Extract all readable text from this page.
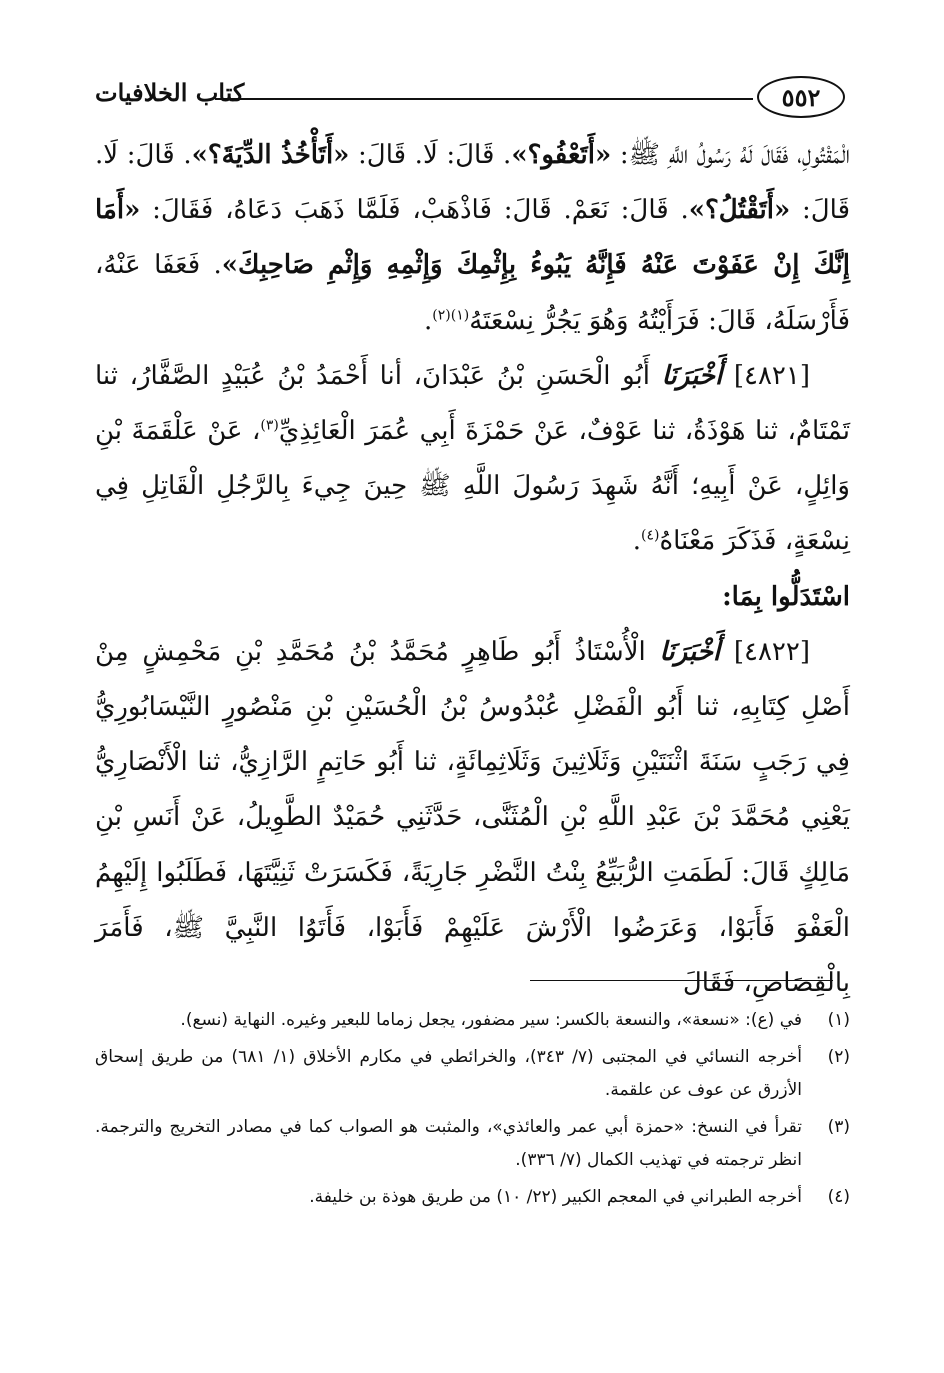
٥٥٢
كتاب الخلافيات

الْمَقْتُولِ، فَقَالَ لَهُ رَسُولُ اللَّهِ ﷺ: «أَتَعْفُو؟». قَالَ: لَا. قَالَ: «أَتَأْخُذُ الدِّيَةَ؟». قَالَ: لَا. قَالَ: «أَتَقْتُلُ؟». قَالَ: نَعَمْ. قَالَ: فَاذْهَبْ، فَلَمَّا ذَهَبَ دَعَاهُ، فَقَالَ: «أَمَا إِنَّكَ إِنْ عَفَوْتَ عَنْهُ فَإِنَّهُ يَبُوءُ بِإِثْمِكَ وَإِثْمِهِ وَإِثْمِ صَاحِبِكَ». فَعَفَا عَنْهُ، فَأَرْسَلَهُ، قَالَ: فَرَأَيْتُهُ وَهُوَ يَجُرُّ نِسْعَتَهُ$^{(١)(٢)}$.

[٤٨٢١] أَخْبَرَنَا أَبُو الْحَسَنِ بْنُ عَبْدَانَ، أنا أَحْمَدُ بْنُ عُبَيْدٍ الصَّفَّارُ، ثنا تَمْتَامٌ، ثنا هَوْذَةُ، ثنا عَوْفٌ، عَنْ حَمْزَةَ أَبِي عُمَرَ الْعَائِذِيِّ$^{(٣)}$، عَنْ عَلْقَمَةَ بْنِ وَائِلٍ، عَنْ أَبِيهِ؛ أَنَّهُ شَهِدَ رَسُولَ اللَّهِ ﷺ حِينَ جِيءَ بِالرَّجُلِ الْقَاتِلِ فِي نِسْعَةٍ، فَذَكَرَ مَعْنَاهُ$^{(٤)}$.

اسْتَدَلُّوا بِمَا:

[٤٨٢٢] أَخْبَرَنَا الْأُسْتَاذُ أَبُو طَاهِرٍ مُحَمَّدُ بْنُ مُحَمَّدِ بْنِ مَحْمِشٍ مِنْ أَصْلِ كِتَابِهِ، ثنا أَبُو الْفَضْلِ عُبْدُوسُ بْنُ الْحُسَيْنِ بْنِ مَنْصُورٍ النَّيْسَابُورِيُّ فِي رَجَبٍ سَنَةَ اثْنَتَيْنِ وَثَلَاثِينَ وَثَلَاثِمِائَةٍ، ثنا أَبُو حَاتِمٍ الرَّازِيُّ، ثنا الْأَنْصَارِيُّ يَعْنِي مُحَمَّدَ بْنَ عَبْدِ اللَّهِ بْنِ الْمُثَنَّى، حَدَّثَنِي حُمَيْدٌ الطَّوِيلُ، عَنْ أَنَسِ بْنِ مَالِكٍ قَالَ: لَطَمَتِ الرُّبَيِّعُ بِنْتُ النَّضْرِ جَارِيَةً، فَكَسَرَتْ ثَنِيَّتَهَا، فَطَلَبُوا إِلَيْهِمُ الْعَفْوَ فَأَبَوْا، وَعَرَضُوا الْأَرْشَ عَلَيْهِمْ فَأَبَوْا، فَأَتَوُا النَّبِيَّ ﷺ، فَأَمَرَ بِالْقِصَاصِ، فَقَالَ

(١)
في (ع): «نسعة»، والنسعة بالكسر: سير مضفور، يجعل زماما للبعير وغيره. النهاية (نسع).
(٢)
أخرجه النسائي في المجتبى (٧/ ٣٤٣)، والخرائطي في مكارم الأخلاق (١/ ٦٨١) من طريق إسحاق الأزرق عن عوف عن علقمة.
(٣)
تقرأ في النسخ: «حمزة أبي عمر والعائذي»، والمثبت هو الصواب كما في مصادر التخريج والترجمة. انظر ترجمته في تهذيب الكمال (٧/ ٣٣٦).
(٤)
أخرجه الطبراني في المعجم الكبير (٢٢/ ١٠) من طريق هوذة بن خليفة.
